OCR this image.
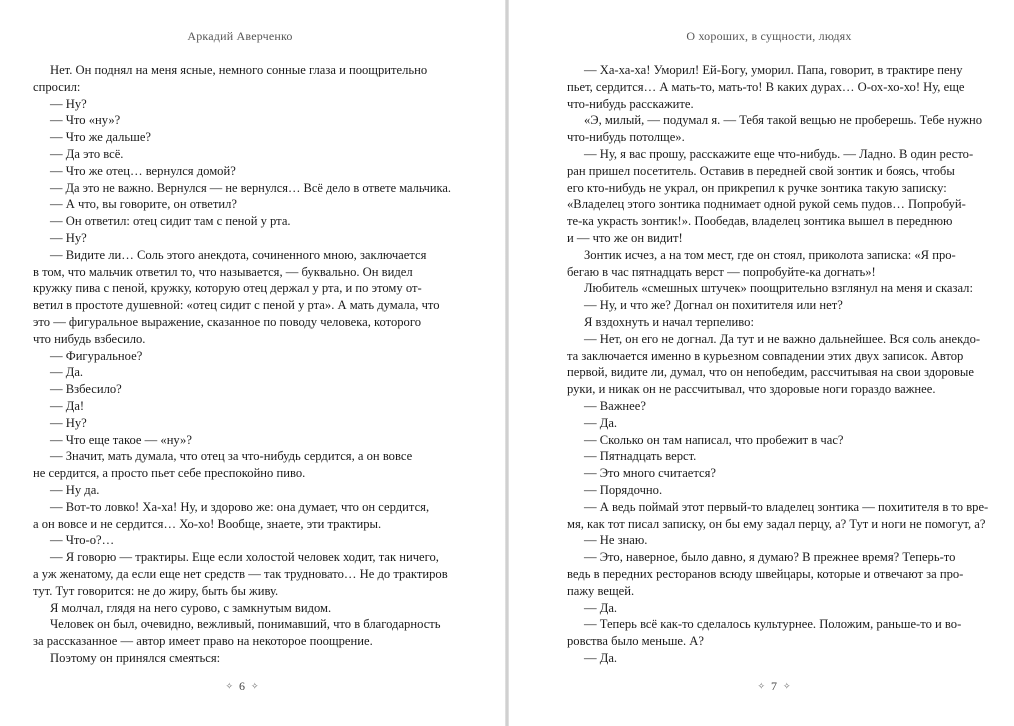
Аркадий Аверченко
Нет. Он поднял на меня ясные, немного сонные глаза и поощрительно
спросил:
— Ну?
— Что «ну»?
— Что же дальше?
— Да это всё.
— Что же отец… вернулся домой?
— Да это не важно. Вернулся — не вернулся… Всё дело в ответе мальчика.
— А что, вы говорите, он ответил?
— Он ответил: отец сидит там с пеной у рта.
— Ну?
— Видите ли… Соль этого анекдота, сочиненного мною, заключается
в том, что мальчик ответил то, что называется, — буквально. Он видел
кружку пива с пеной, кружку, которую отец держал у рта, и по этому от-
ветил в простоте душевной: «отец сидит с пеной у рта». А мать думала, что
это — фигуральное выражение, сказанное по поводу человека, которого
что нибудь взбесило.
— Фигуральное?
— Да.
— Взбесило?
— Да!
— Ну?
— Что еще такое — «ну»?
— Значит, мать думала, что отец за что-нибудь сердится, а он вовсе
не сердится, а просто пьет себе преспокойно пиво.
— Ну да.
— Вот-то ловко! Ха-ха! Ну, и здорово же: она думает, что он сердится,
а он вовсе и не сердится… Хо-хо! Вообще, знаете, эти трактиры.
— Что-о?…
— Я говорю — трактиры. Еще если холостой человек ходит, так ничего,
а уж женатому, да если еще нет средств — так трудновато… Не до трактиров
тут. Тут говорится: не до жиру, быть бы живу.
Я молчал, глядя на него сурово, с замкнутым видом.
Человек он был, очевидно, вежливый, понимавший, что в благодарность
за рассказанное — автор имеет право на некоторое поощрение.
Поэтому он принялся смеяться:
✧ 6 ✧
О хороших, в сущности, людях
— Ха-ха-ха! Уморил! Ей-Богу, уморил. Папа, говорит, в трактире пену
пьет, сердится… А мать-то, мать-то! В каких дурах… О-ох-хо-хо! Ну, еще
что-нибудь расскажите.
«Э, милый, — подумал я. — Тебя такой вещью не проберешь. Тебе нужно
что-нибудь потолще».
— Ну, я вас прошу, расскажите еще что-нибудь. — Ладно. В один ресто-
ран пришел посетитель. Оставив в передней свой зонтик и боясь, чтобы
его кто-нибудь не украл, он прикрепил к ручке зонтика такую записку:
«Владелец этого зонтика поднимает одной рукой семь пудов… Попробуй-
те-ка украсть зонтик!». Пообедав, владелец зонтика вышел в переднюю
и — что же он видит!
Зонтик исчез, а на том мест, где он стоял, приколота записка: «Я про-
бегаю в час пятнадцать верст — попробуйте-ка догнать»!
Любитель «смешных штучек» поощрительно взглянул на меня и сказал:
— Ну, и что же? Догнал он похитителя или нет?
Я вздохнуть и начал терпеливо:
— Нет, он его не догнал. Да тут и не важно дальнейшее. Вся соль анекдо-
та заключается именно в курьезном совпадении этих двух записок. Автор
первой, видите ли, думал, что он непобедим, рассчитывая на свои здоровые
руки, и никак он не рассчитывал, что здоровые ноги гораздо важнее.
— Важнее?
— Да.
— Сколько он там написал, что пробежит в час?
— Пятнадцать верст.
— Это много считается?
— Порядочно.
— А ведь поймай этот первый-то владелец зонтика — похитителя в то вре-
мя, как тот писал записку, он бы ему задал перцу, а? Тут и ноги не помогут, а?
— Не знаю.
— Это, наверное, было давно, я думаю? В прежнее время? Теперь-то
ведь в передних ресторанов всюду швейцары, которые и отвечают за про-
пажу вещей.
— Да.
— Теперь всё как-то сделалось культурнее. Положим, раньше-то и во-
ровства было меньше. А?
— Да.
✧ 7 ✧
